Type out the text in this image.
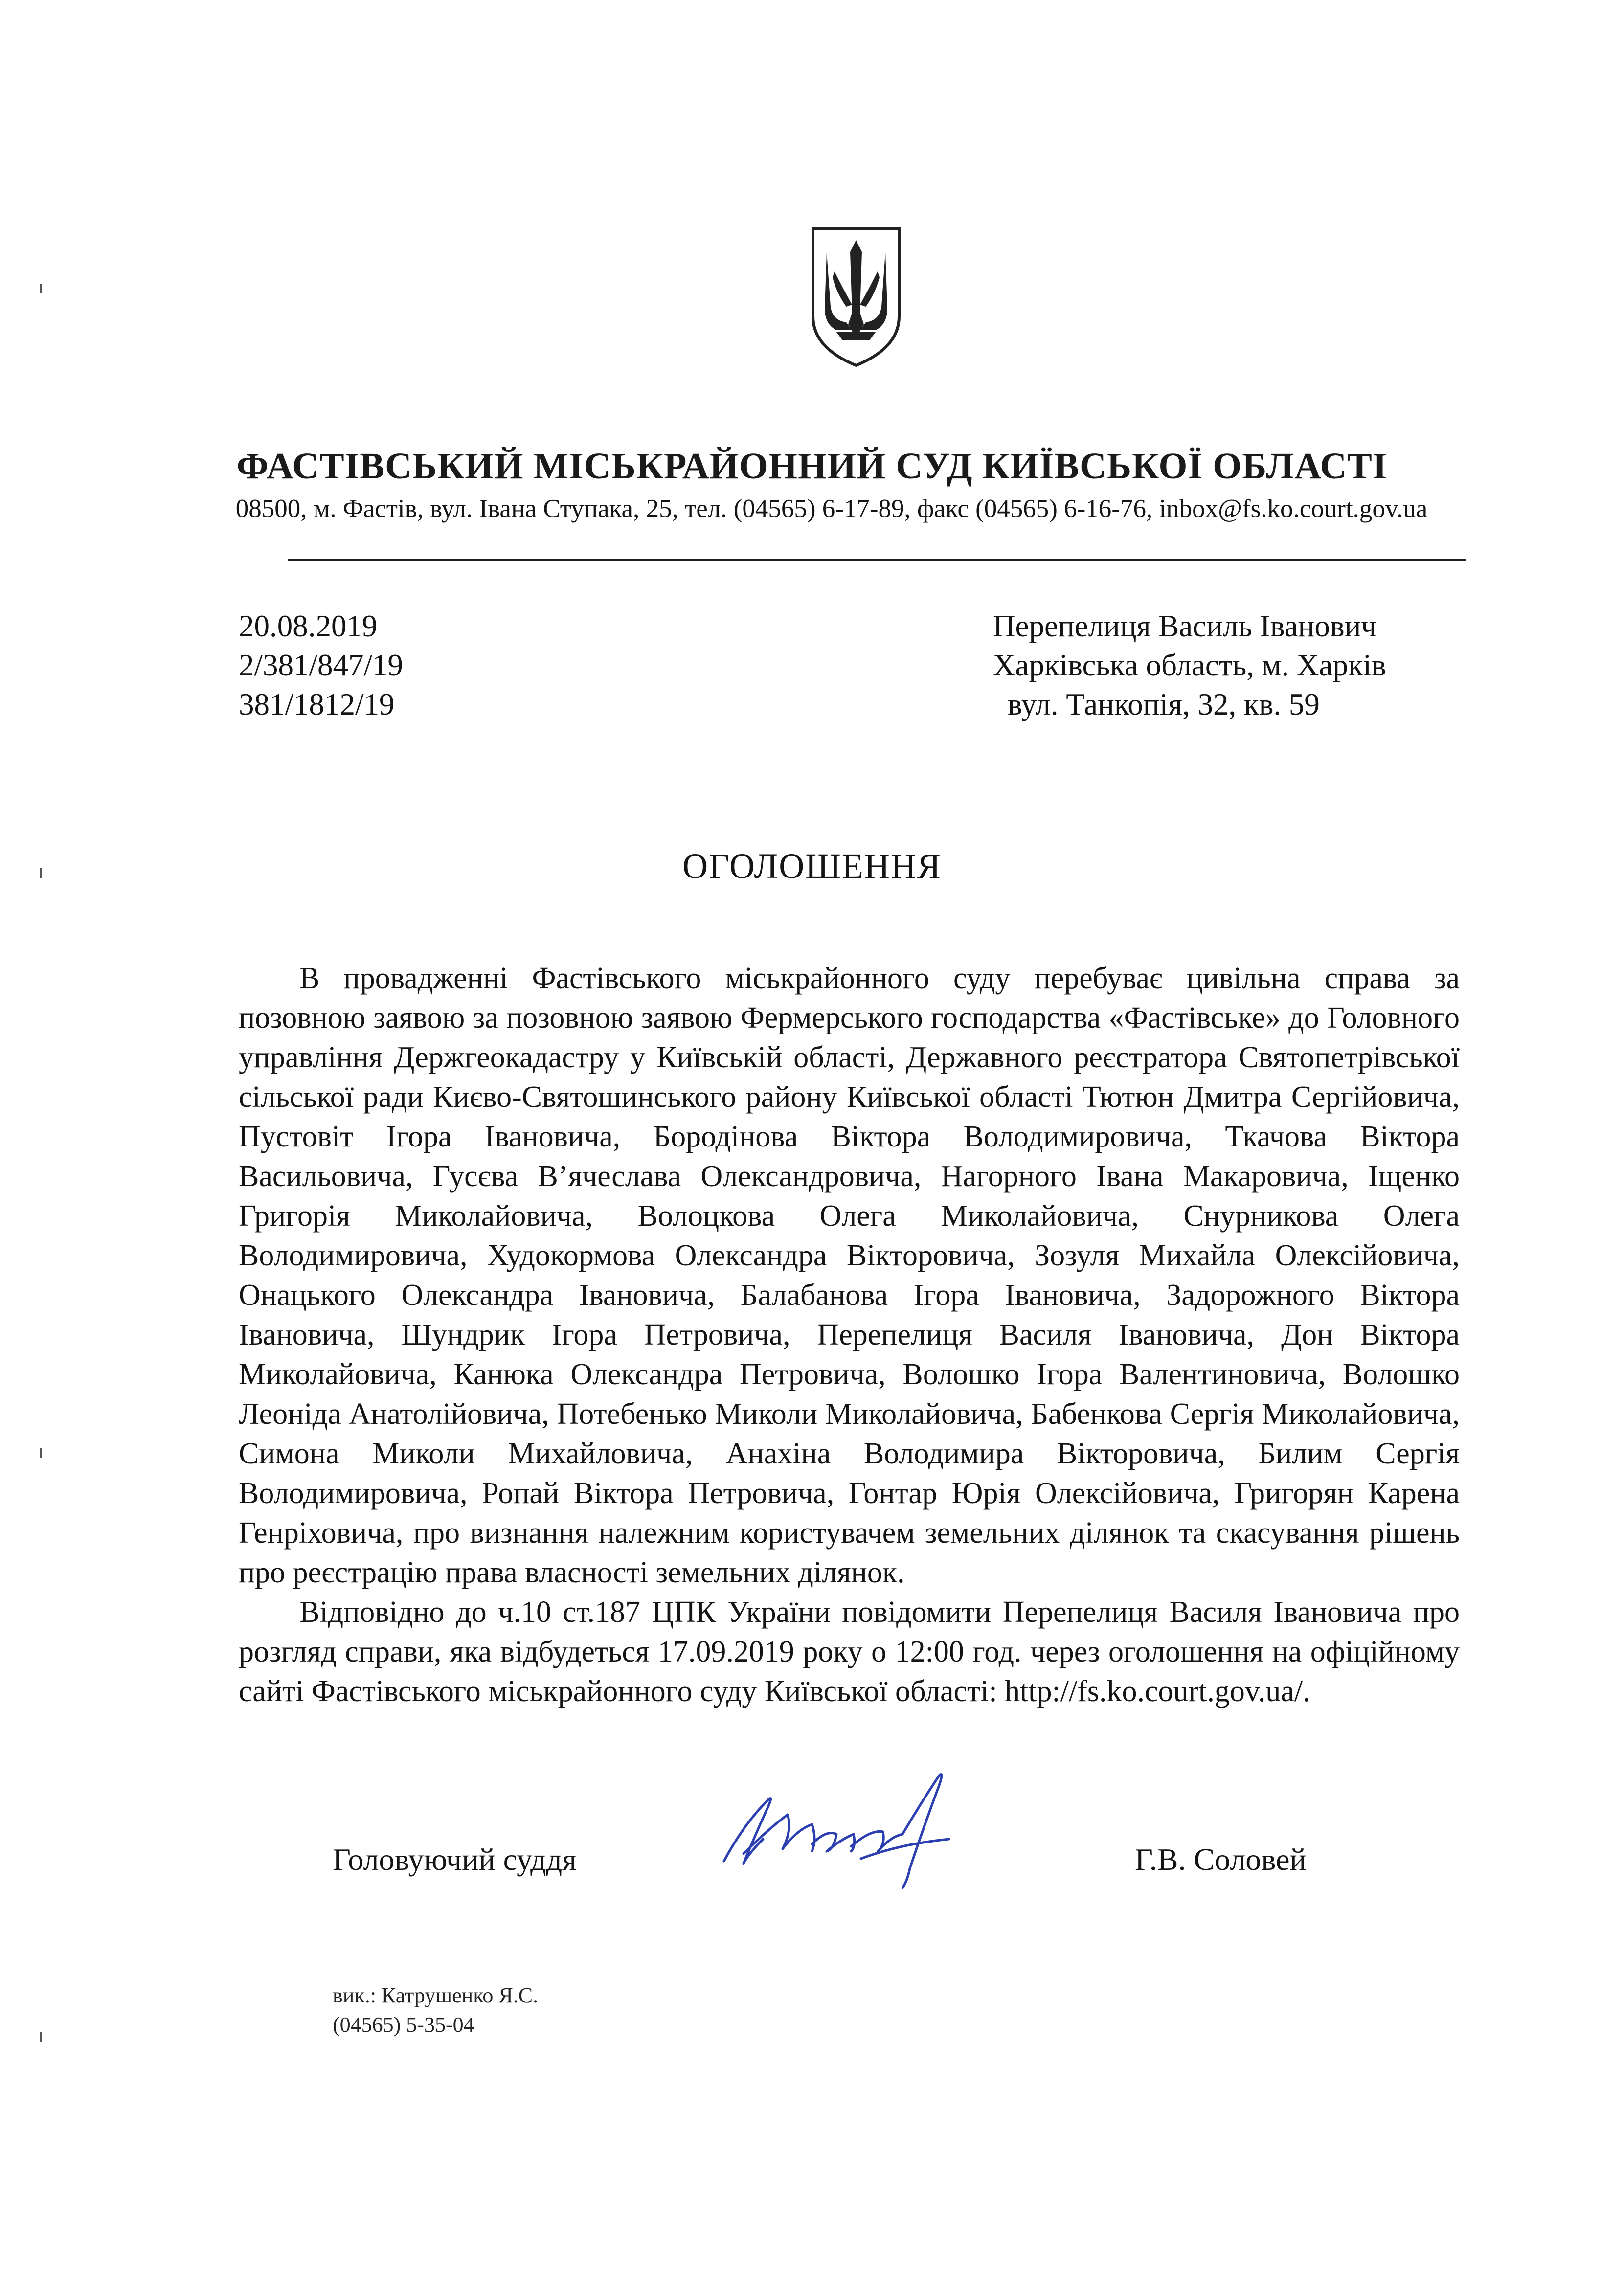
ФАСТІВСЬКИЙ МІСЬКРАЙОННИЙ СУД КИЇВСЬКОЇ ОБЛАСТІ
08500, м. Фастів, вул. Івана Ступака, 25, тел. (04565) 6-17-89, факс (04565) 6-16-76, inbox@fs.ko.court.gov.ua
20.08.2019
2/381/847/19
381/1812/19
Перепелиця Василь Іванович
Харківська область, м. Харків
вул. Танкопія, 32, кв. 59
ОГОЛОШЕННЯ

В провадженні Фастівського міськрайонного суду перебуває цивільна справа за позовною заявою за позовною заявою Фермерського господарства «Фастівське» до Головного управління Держгеокадастру у Київській області, Державного реєстратора Святопетрівської сільської ради Києво-Святошинського району Київської області Тютюн Дмитра Сергійовича, Пустовіт Ігора Івановича, Бородінова Віктора Володимировича, Ткачова Віктора Васильовича, Гусєва В’ячеслава Олександровича, Нагорного Івана Макаровича, Іщенко Григорія Миколайовича, Волоцкова Олега Миколайовича, Снурникова Олега Володимировича, Худокормова Олександра Вікторовича, Зозуля Михайла Олексійовича, Онацького Олександра Івановича, Балабанова Ігора Івановича, Задорожного Віктора Івановича, Шундрик Ігора Петровича, Перепелиця Василя Івановича, Дон Віктора Миколайовича, Канюка Олександра Петровича, Волошко Ігора Валентиновича, Волошко Леоніда Анатолійовича, Потебенько Миколи Миколайовича, Бабенкова Сергія Миколайовича, Симона Миколи Михайловича, Анахіна Володимира Вікторовича, Билим Сергія Володимировича, Ропай Віктора Петровича, Гонтар Юрія Олексійовича, Григорян Карена Генріховича, про визнання належним користувачем земельних ділянок та скасування рішень про реєстрацію права власності земельних ділянок.

Відповідно до ч.10 ст.187 ЦПК України повідомити Перепелиця Василя Івановича про розгляд справи, яка відбудеться 17.09.2019 року о 12:00 год. через оголошення на офіційному сайті Фастівського міськрайонного суду Київської області: http://fs.ko.court.gov.ua/.

Головуючий суддя	Г.В. Соловей
вик.: Катрушенко Я.С.
(04565) 5-35-04
